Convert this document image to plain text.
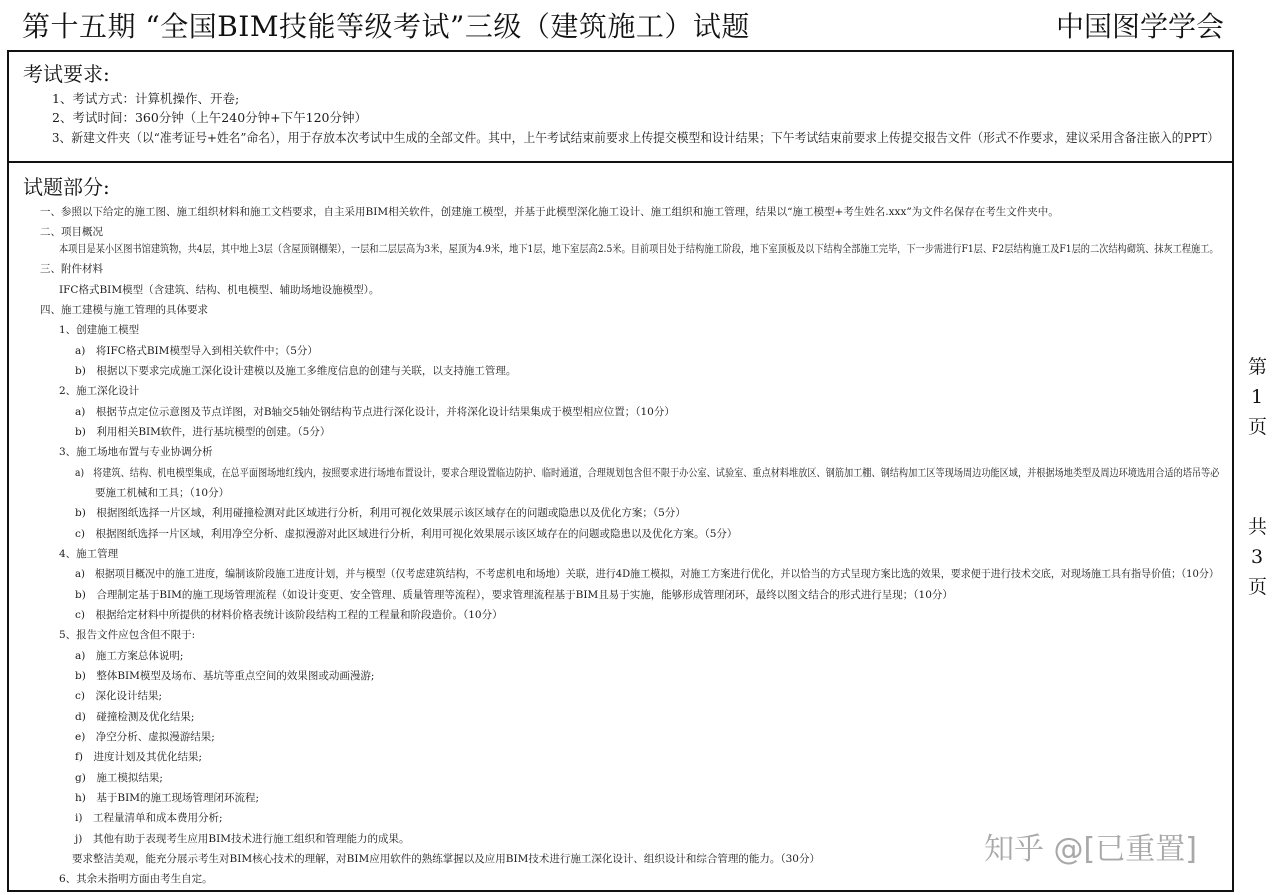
第十五期 “全国BIM技能等级考试”三级（建筑施工）试题	中国图学学会
考试要求:
1、考试方式：计算机操作、开卷;
2、考试时间：360分钟（上午240分钟+下午120分钟）
3、新建文件夹（以“准考证号+姓名”命名），用于存放本次考试中生成的全部文件。其中，上午考试结束前要求上传提交模型和设计结果；下午考试结束前要求上传提交报告文件（形式不作要求，建议采用含备注嵌入的PPT）
试题部分:
一、参照以下给定的施工图、施工组织材料和施工文档要求，自主采用BIM相关软件，创建施工模型，并基于此模型深化施工设计、施工组织和施工管理，结果以“施工模型+考生姓名.xxx”为文件名保存在考生文件夹中。
二、项目概况
本项目是某小区图书馆建筑物，共4层，其中地上3层（含屋顶钢棚架），一层和二层层高为3米，屋顶为4.9米，地下1层，地下室层高2.5米。目前项目处于结构施工阶段，地下室顶板及以下结构全部施工完毕，下一步需进行F1层、F2层结构施工及F1层的二次结构砌筑、抹灰工程施工。
三、附件材料
IFC格式BIM模型（含建筑、结构、机电模型、辅助场地设施模型）。
四、施工建模与施工管理的具体要求
1、创建施工模型
a)　将IFC格式BIM模型导入到相关软件中；（5分）
b)　根据以下要求完成施工深化设计建模以及施工多维度信息的创建与关联，以支持施工管理。
2、施工深化设计
a)　根据节点定位示意图及节点详图，对B轴交5轴处钢结构节点进行深化设计，并将深化设计结果集成于模型相应位置；（10分）
b)　利用相关BIM软件，进行基坑模型的创建。（5分）
3、施工场地布置与专业协调分析
a)　将建筑、结构、机电模型集成，在总平面图场地红线内，按照要求进行场地布置设计，要求合理设置临边防护、临时通道，合理规划包含但不限于办公室、试验室、重点材料堆放区、钢筋加工棚、钢结构加工区等现场周边功能区域，并根据场地类型及周边环境选用合适的塔吊等必
要施工机械和工具；（10分）
b)　根据图纸选择一片区域，利用碰撞检测对此区域进行分析，利用可视化效果展示该区域存在的问题或隐患以及优化方案；（5分）
c)　根据图纸选择一片区域，利用净空分析、虚拟漫游对此区域进行分析，利用可视化效果展示该区域存在的问题或隐患以及优化方案。（5分）
4、施工管理
a)　根据项目概况中的施工进度，编制该阶段施工进度计划，并与模型（仅考虑建筑结构，不考虑机电和场地）关联，进行4D施工模拟，对施工方案进行优化，并以恰当的方式呈现方案比选的效果，要求便于进行技术交底，对现场施工具有指导价值；（10分）
b)　合理制定基于BIM的施工现场管理流程（如设计变更、安全管理、质量管理等流程），要求管理流程基于BIM且易于实施，能够形成管理闭环，最终以图文结合的形式进行呈现；（10分）
c)　根据给定材料中所提供的材料价格表统计该阶段结构工程的工程量和阶段造价。（10分）
5、报告文件应包含但不限于:
a)　施工方案总体说明;
b)　整体BIM模型及场布、基坑等重点空间的效果图或动画漫游;
c)　深化设计结果;
d)　碰撞检测及优化结果;
e)　净空分析、虚拟漫游结果;
f)　进度计划及其优化结果;
g)　施工模拟结果;
h)　基于BIM的施工现场管理闭环流程;
i)　工程量清单和成本费用分析;
j)　其他有助于表现考生应用BIM技术进行施工组织和管理能力的成果。
要求整洁美观，能充分展示考生对BIM核心技术的理解，对BIM应用软件的熟练掌握以及应用BIM技术进行施工深化设计、组织设计和综合管理的能力。（30分）
6、其余未指明方面由考生自定。
第
1
页
共
3
页
知乎 @[已重置]
